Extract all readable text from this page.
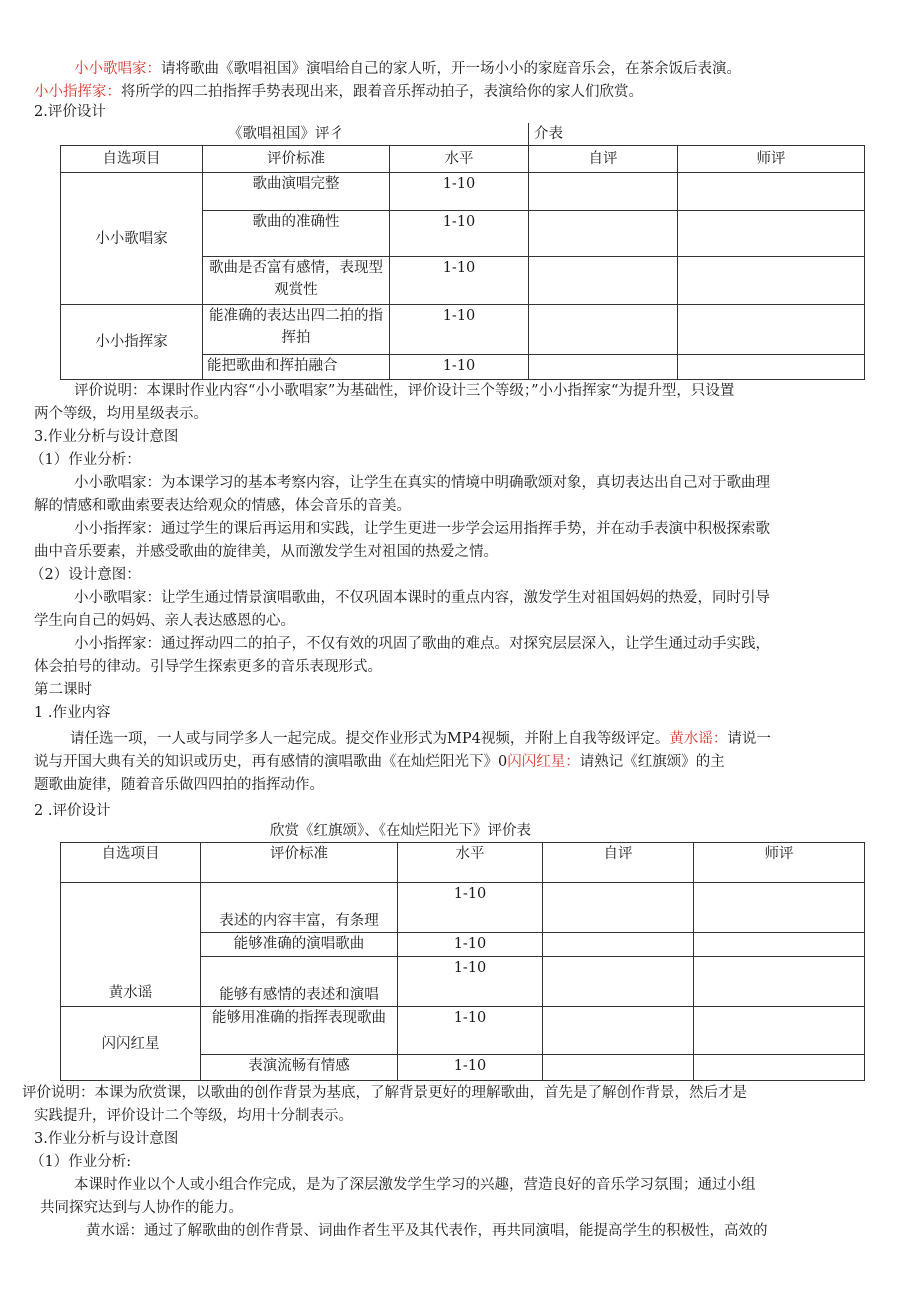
小小歌唱家：请将歌曲《歌唱祖国》演唱给自己的家人听，开一场小小的家庭音乐会，在茶余饭后表演。
小小指挥家：将所学的四二拍指挥手势表现出来，跟着音乐挥动拍子，表演给你的家人们欣赏。
2.评价设计
《歌唱祖国》评彳	介表
自选项目	评价标准	水平	自评	师评
小小歌唱家	歌曲演唱完整	1-10		
	歌曲的准确性	1-10		
	歌曲是否富有感情，表现型观赏性	1-10		
小小指挥家	能准确的表达出四二拍的指挥拍	1-10		
	能把歌曲和挥拍融合	1-10		
评价说明：本课时作业内容“小小歌唱家”为基础性，评价设计三个等级；”小小指挥家“为提升型，只设置
两个等级，均用星级表示。
3.作业分析与设计意图
（1）作业分析：
小小歌唱家：为本课学习的基本考察内容，让学生在真实的情境中明确歌颂对象，真切表达出自己对于歌曲理
解的情感和歌曲索要表达给观众的情感，体会音乐的音美。
小小指挥家：通过学生的课后再运用和实践，让学生更进一步学会运用指挥手势，并在动手表演中积极探索歌
曲中音乐要素，并感受歌曲的旋律美，从而激发学生对祖国的热爱之情。
（2）设计意图：
小小歌唱家：让学生通过情景演唱歌曲，不仅巩固本课时的重点内容，激发学生对祖国妈妈的热爱，同时引导
学生向自己的妈妈、亲人表达感恩的心。
小小指挥家：通过挥动四二的拍子，不仅有效的巩固了歌曲的难点。对探究层层深入，让学生通过动手实践，
体会拍号的律动。引导学生探索更多的音乐表现形式。
第二课时
1 .作业内容
请任选一项，一人或与同学多人一起完成。提交作业形式为MP4视频，并附上自我等级评定。黄水谣：请说一
说与开国大典有关的知识或历史，再有感情的演唱歌曲《在灿烂阳光下》0闪闪红星：请熟记《红旗颂》的主
题歌曲旋律，随着音乐做四四拍的指挥动作。
2 .评价设计
欣赏《红旗颂》、《在灿烂阳光下》评价表
自选项目	评价标准	水平	自评	师评
黄水谣	表述的内容丰富，有条理	1-10		
	能够准确的演唱歌曲	1-10		
	能够有感情的表述和演唱	1-10		
闪闪红星	能够用准确的指挥表现歌曲	1-10		
	表演流畅有情感	1-10		
评价说明：本课为欣赏课，以歌曲的创作背景为基底，了解背景更好的理解歌曲，首先是了解创作背景，然后才是
实践提升，评价设计二个等级，均用十分制表示。
3.作业分析与设计意图
（1）作业分析:
本课时作业以个人或小组合作完成，是为了深层激发学生学习的兴趣，营造良好的音乐学习氛围；通过小组
共同探究达到与人协作的能力。
黄水谣：通过了解歌曲的创作背景、词曲作者生平及其代表作，再共同演唱，能提高学生的积极性，高效的
